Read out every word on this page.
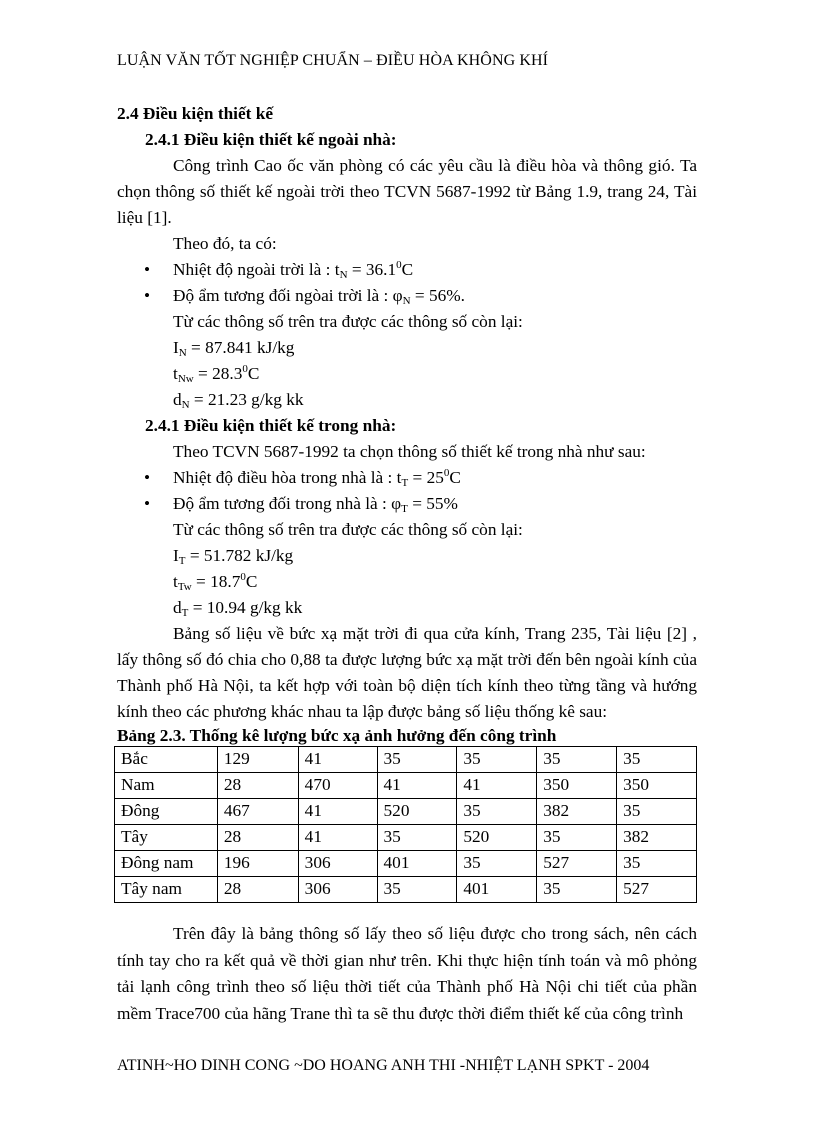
LUẬN VĂN TỐT NGHIỆP CHUẨN – ĐIỀU HÒA KHÔNG KHÍ

2.4 Điều kiện thiết kế

2.4.1 Điều kiện thiết kế ngoài nhà:

Công trình Cao ốc văn phòng có các yêu cầu là điều hòa và thông gió. Ta chọn thông số thiết kế ngoài trời theo TCVN 5687-1992 từ Bảng 1.9, trang 24, Tài liệu [1].

Theo đó, ta có:

• Nhiệt độ ngoài trời là : $t_N = 36.1^0C$

• Độ ẩm tương đối ngòai trời là : $\varphi_N = 56\%$.

Từ các thông số trên tra được các thông số còn lại:

$I_N = 87.841$ kJ/kg

$t_{Nw} = 28.3^0C$

$d_N = 21.23$ g/kg kk

2.4.1 Điều kiện thiết kế trong nhà:

Theo TCVN 5687-1992 ta chọn thông số thiết kế trong nhà như sau:

• Nhiệt độ điều hòa trong nhà là : $t_T = 25^0C$

• Độ ẩm tương đối trong nhà là : $\varphi_T = 55\%$

Từ các thông số trên tra được các thông số còn lại:

$I_T = 51.782$ kJ/kg

$t_{Tw} = 18.7^0C$

$d_T = 10.94$ g/kg kk

Bảng số liệu về bức xạ mặt trời đi qua cửa kính, Trang 235, Tài liệu [2] , lấy thông số đó chia cho 0,88 ta được lượng bức xạ mặt trời đến bên ngoài kính của Thành phố Hà Nội, ta kết hợp với toàn bộ diện tích kính theo từng tầng và hướng kính theo các phương khác nhau ta lập được bảng số liệu thống kê sau:

Bảng 2.3. Thống kê lượng bức xạ ảnh hưởng đến công trình

Bắc	129	41	35	35	35	35
Nam	28	470	41	41	350	350
Đông	467	41	520	35	382	35
Tây	28	41	35	520	35	382
Đông nam	196	306	401	35	527	35
Tây nam	28	306	35	401	35	527

Trên đây là bảng thông số lấy theo số liệu được cho trong sách, nên cách tính tay cho ra kết quả về thời gian như trên. Khi thực hiện tính toán và mô phỏng tải lạnh công trình theo số liệu thời tiết của Thành phố Hà Nội chi tiết của phần mềm Trace700 của hãng Trane thì ta sẽ thu được thời điểm thiết kế của công trình

ATINH~HO DINH CONG ~DO HOANG ANH THI -NHIỆT LẠNH SPKT - 2004
